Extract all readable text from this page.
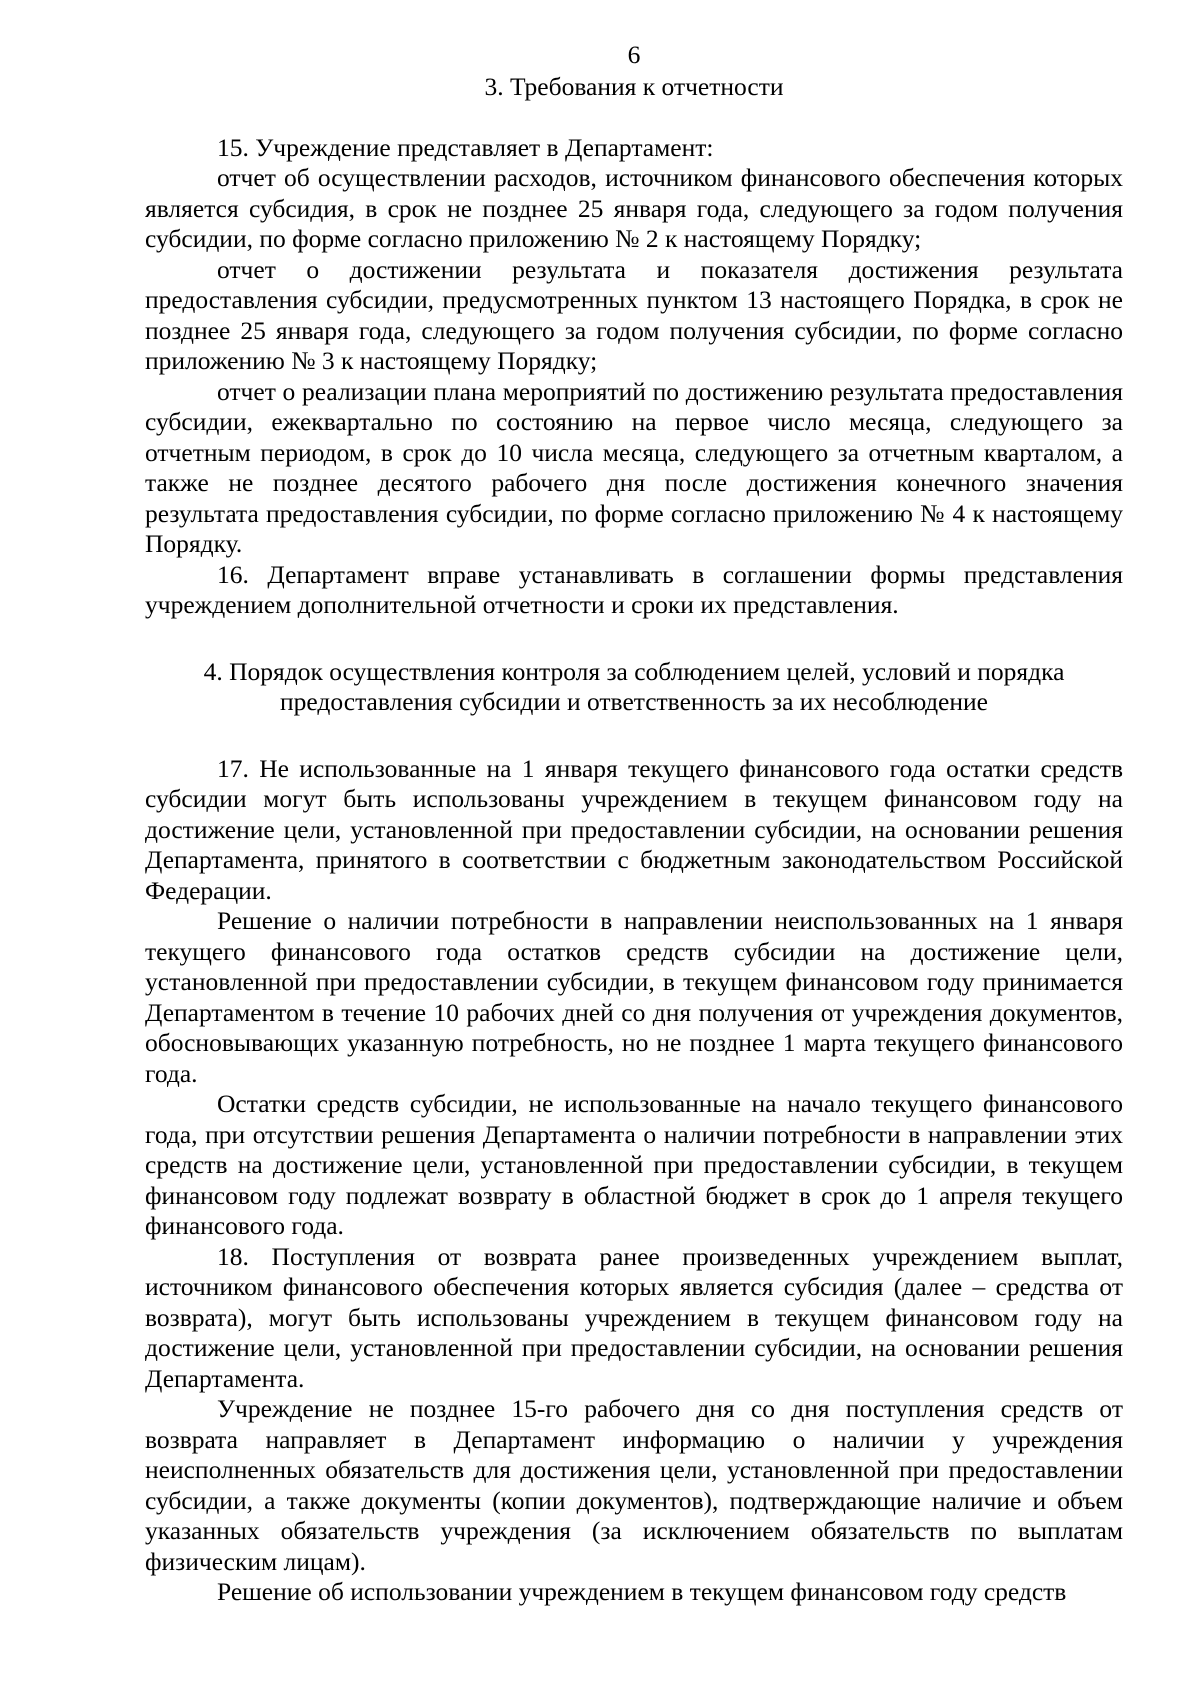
6

3. Требования к отчетности

15. Учреждение представляет в Департамент:

отчет об осуществлении расходов, источником финансового обеспечения которых является субсидия, в срок не позднее 25 января года, следующего за годом получения субсидии, по форме согласно приложению № 2 к настоящему Порядку;

отчет о достижении результата и показателя достижения результата предоставления субсидии, предусмотренных пунктом 13 настоящего Порядка, в срок не позднее 25 января года, следующего за годом получения субсидии, по форме согласно приложению № 3 к настоящему Порядку;

отчет о реализации плана мероприятий по достижению результата предоставления субсидии, ежеквартально по состоянию на первое число месяца, следующего за отчетным периодом, в срок до 10 числа месяца, следующего за отчетным кварталом, а также не позднее десятого рабочего дня после достижения конечного значения результата предоставления субсидии, по форме согласно приложению № 4 к настоящему Порядку.

16. Департамент вправе устанавливать в соглашении формы представления учреждением дополнительной отчетности и сроки их представления.

4. Порядок осуществления контроля за соблюдением целей, условий и порядка

предоставления субсидии и ответственность за их несоблюдение

17. Не использованные на 1 января текущего финансового года остатки средств субсидии могут быть использованы учреждением в текущем финансовом году на достижение цели, установленной при предоставлении субсидии, на основании решения Департамента, принятого в соответствии с бюджетным законодательством Российской Федерации.

Решение о наличии потребности в направлении неиспользованных на 1 января текущего финансового года остатков средств субсидии на достижение цели, установленной при предоставлении субсидии, в текущем финансовом году принимается Департаментом в течение 10 рабочих дней со дня получения от учреждения документов, обосновывающих указанную потребность, но не позднее 1 марта текущего финансового года.

Остатки средств субсидии, не использованные на начало текущего финансового года, при отсутствии решения Департамента о наличии потребности в направлении этих средств на достижение цели, установленной при предоставлении субсидии, в текущем финансовом году подлежат возврату в областной бюджет в срок до 1 апреля текущего финансового года.

18. Поступления от возврата ранее произведенных учреждением выплат, источником финансового обеспечения которых является субсидия (далее – средства от возврата), могут быть использованы учреждением в текущем финансовом году на достижение цели, установленной при предоставлении субсидии, на основании решения Департамента.

Учреждение не позднее 15-го рабочего дня со дня поступления средств от возврата направляет в Департамент информацию о наличии у учреждения неисполненных обязательств для достижения цели, установленной при предоставлении субсидии, а также документы (копии документов), подтверждающие наличие и объем указанных обязательств учреждения (за исключением обязательств по выплатам физическим лицам).

Решение об использовании учреждением в текущем финансовом году средств
